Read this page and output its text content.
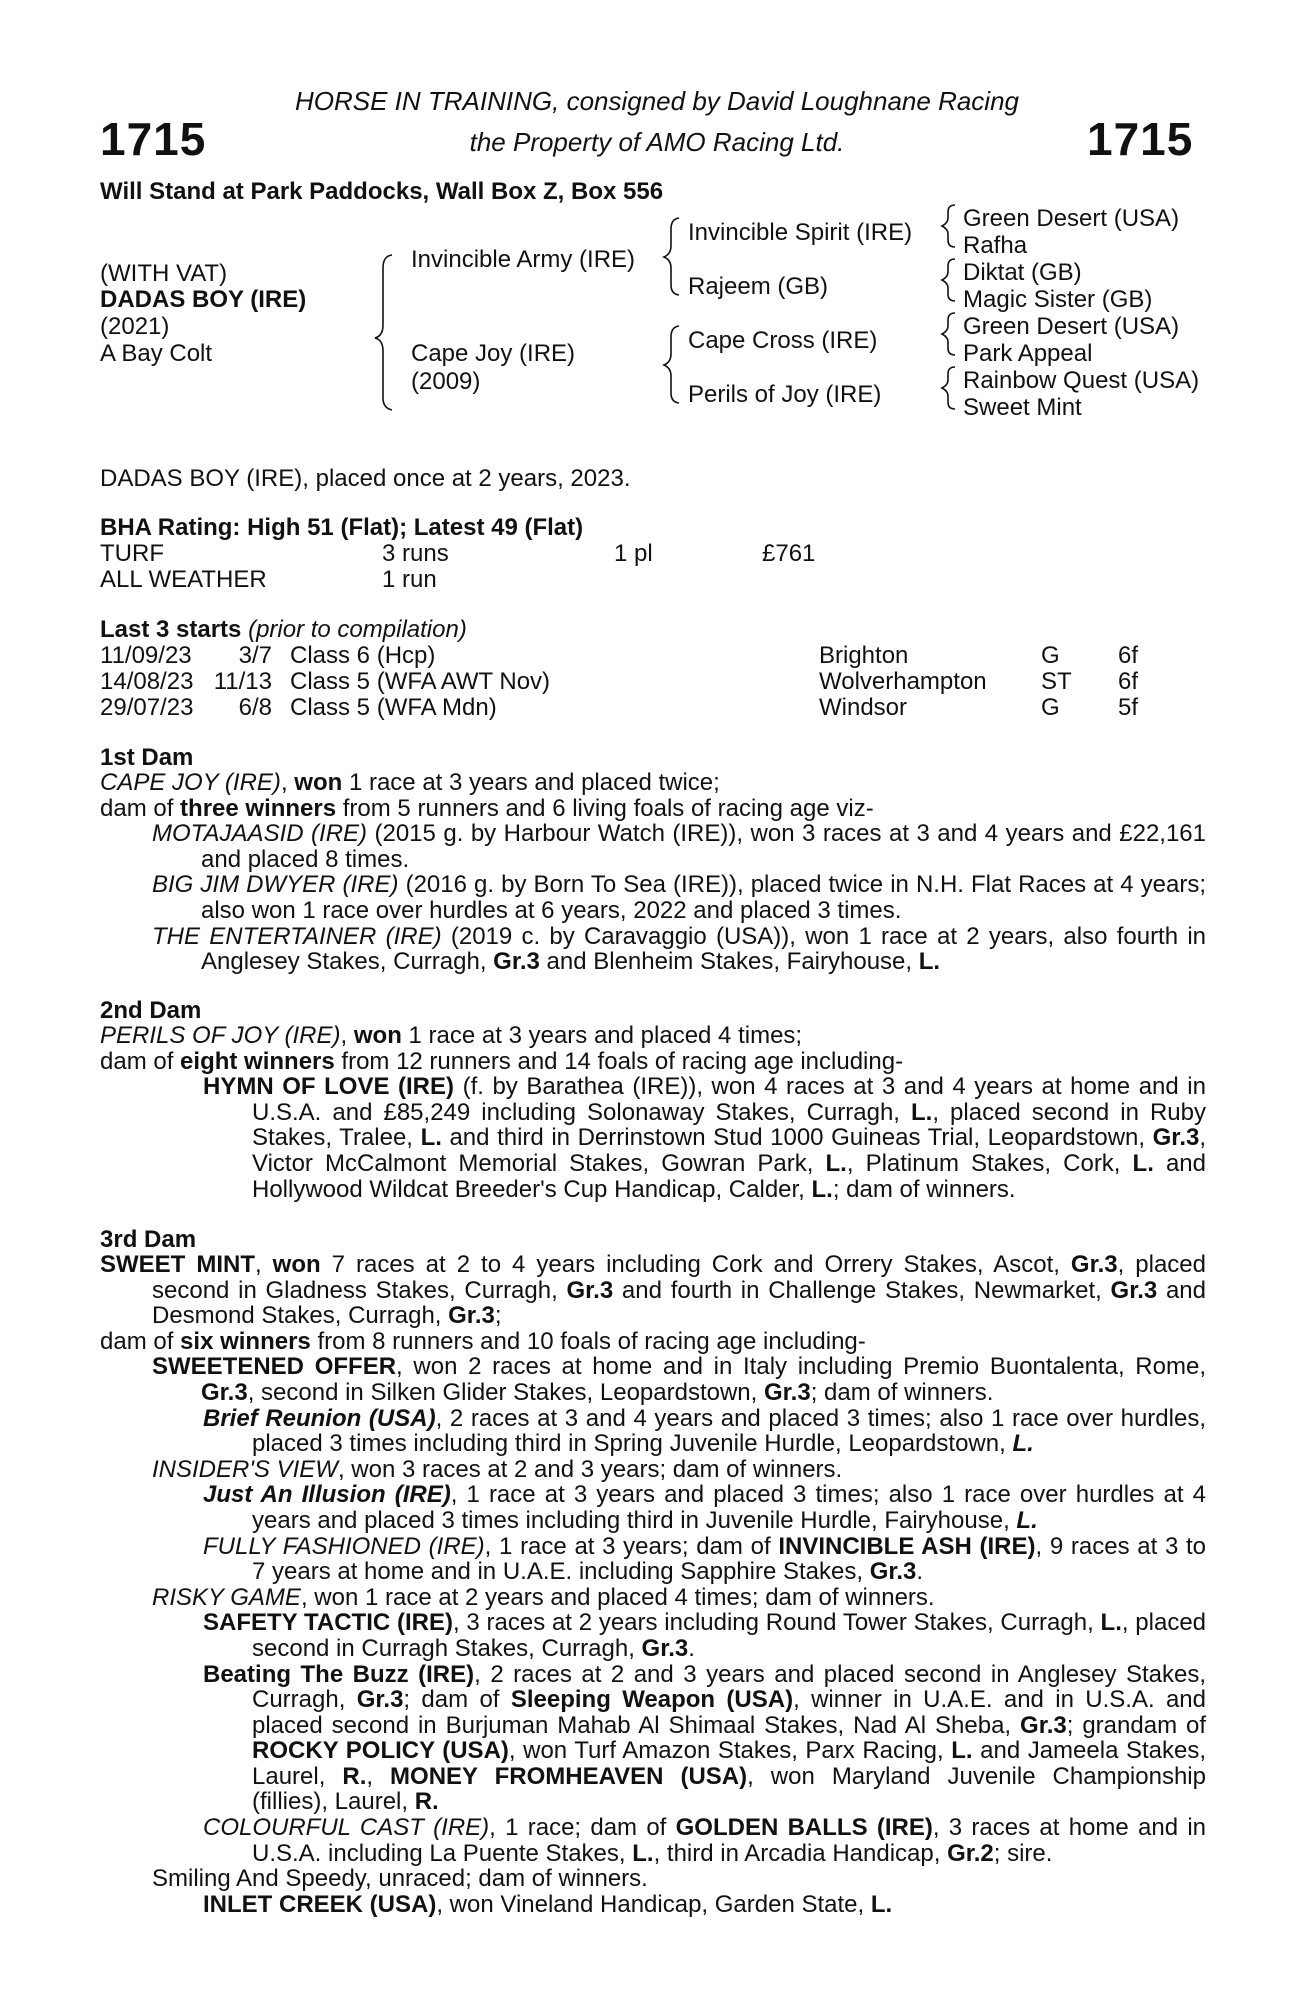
1715	1715
HORSE IN TRAINING, consigned by David Loughnane Racing
the Property of AMO Racing Ltd.
Will Stand at Park Paddocks, Wall Box Z, Box 556
(WITH VAT)
DADAS BOY (IRE)
(2021)
A Bay Colt
Invincible Army (IRE)
Cape Joy (IRE)
(2009)
Invincible Spirit (IRE)
Rajeem (GB)
Cape Cross (IRE)
Perils of Joy (IRE)
Green Desert (USA)
Rafha
Diktat (GB)
Magic Sister (GB)
Green Desert (USA)
Park Appeal
Rainbow Quest (USA)
Sweet Mint
DADAS BOY (IRE), placed once at 2 years, 2023.
BHA Rating: High 51 (Flat); Latest 49 (Flat)
TURF	3 runs	1 pl	£761
ALL WEATHER	1 run
Last 3 starts (prior to compilation)
11/09/23	3/7 Class 6 (Hcp)	Brighton	G 6f
14/08/23 11/13 Class 5 (WFA AWT Nov)	Wolverhampton ST 6f
29/07/23	6/8 Class 5 (WFA Mdn)	Windsor	G 5f
1st Dam

CAPE JOY (IRE), won 1 race at 3 years and placed twice;

dam of three winners from 5 runners and 6 living foals of racing age viz-

MOTAJAASID (IRE) (2015 g. by Harbour Watch (IRE)), won 3 races at 3 and 4 years and £22,161 and placed 8 times.

BIG JIM DWYER (IRE) (2016 g. by Born To Sea (IRE)), placed twice in N.H. Flat Races at 4 years; also won 1 race over hurdles at 6 years, 2022 and placed 3 times.

THE ENTERTAINER (IRE) (2019 c. by Caravaggio (USA)), won 1 race at 2 years, also fourth in Anglesey Stakes, Curragh, Gr.3 and Blenheim Stakes, Fairyhouse, L.

2nd Dam

PERILS OF JOY (IRE), won 1 race at 3 years and placed 4 times;

dam of eight winners from 12 runners and 14 foals of racing age including-

HYMN OF LOVE (IRE) (f. by Barathea (IRE)), won 4 races at 3 and 4 years at home and in U.S.A. and £85,249 including Solonaway Stakes, Curragh, L., placed second in Ruby Stakes, Tralee, L. and third in Derrinstown Stud 1000 Guineas Trial, Leopardstown, Gr.3, Victor McCalmont Memorial Stakes, Gowran Park, L., Platinum Stakes, Cork, L. and Hollywood Wildcat Breeder's Cup Handicap, Calder, L.; dam of winners.

3rd Dam

SWEET MINT, won 7 races at 2 to 4 years including Cork and Orrery Stakes, Ascot, Gr.3, placed second in Gladness Stakes, Curragh, Gr.3 and fourth in Challenge Stakes, Newmarket, Gr.3 and Desmond Stakes, Curragh, Gr.3;

dam of six winners from 8 runners and 10 foals of racing age including-

SWEETENED OFFER, won 2 races at home and in Italy including Premio Buontalenta, Rome, Gr.3, second in Silken Glider Stakes, Leopardstown, Gr.3; dam of winners.

Brief Reunion (USA), 2 races at 3 and 4 years and placed 3 times; also 1 race over hurdles, placed 3 times including third in Spring Juvenile Hurdle, Leopardstown, L.

INSIDER'S VIEW, won 3 races at 2 and 3 years; dam of winners.

Just An Illusion (IRE), 1 race at 3 years and placed 3 times; also 1 race over hurdles at 4 years and placed 3 times including third in Juvenile Hurdle, Fairyhouse, L.

FULLY FASHIONED (IRE), 1 race at 3 years; dam of INVINCIBLE ASH (IRE), 9 races at 3 to 7 years at home and in U.A.E. including Sapphire Stakes, Gr.3.

RISKY GAME, won 1 race at 2 years and placed 4 times; dam of winners.

SAFETY TACTIC (IRE), 3 races at 2 years including Round Tower Stakes, Curragh, L., placed second in Curragh Stakes, Curragh, Gr.3.

Beating The Buzz (IRE), 2 races at 2 and 3 years and placed second in Anglesey Stakes, Curragh, Gr.3; dam of Sleeping Weapon (USA), winner in U.A.E. and in U.S.A. and placed second in Burjuman Mahab Al Shimaal Stakes, Nad Al Sheba, Gr.3; grandam of ROCKY POLICY (USA), won Turf Amazon Stakes, Parx Racing, L. and Jameela Stakes, Laurel, R., MONEY FROMHEAVEN (USA), won Maryland Juvenile Championship (fillies), Laurel, R.

COLOURFUL CAST (IRE), 1 race; dam of GOLDEN BALLS (IRE), 3 races at home and in U.S.A. including La Puente Stakes, L., third in Arcadia Handicap, Gr.2; sire.

Smiling And Speedy, unraced; dam of winners.

INLET CREEK (USA), won Vineland Handicap, Garden State, L.
